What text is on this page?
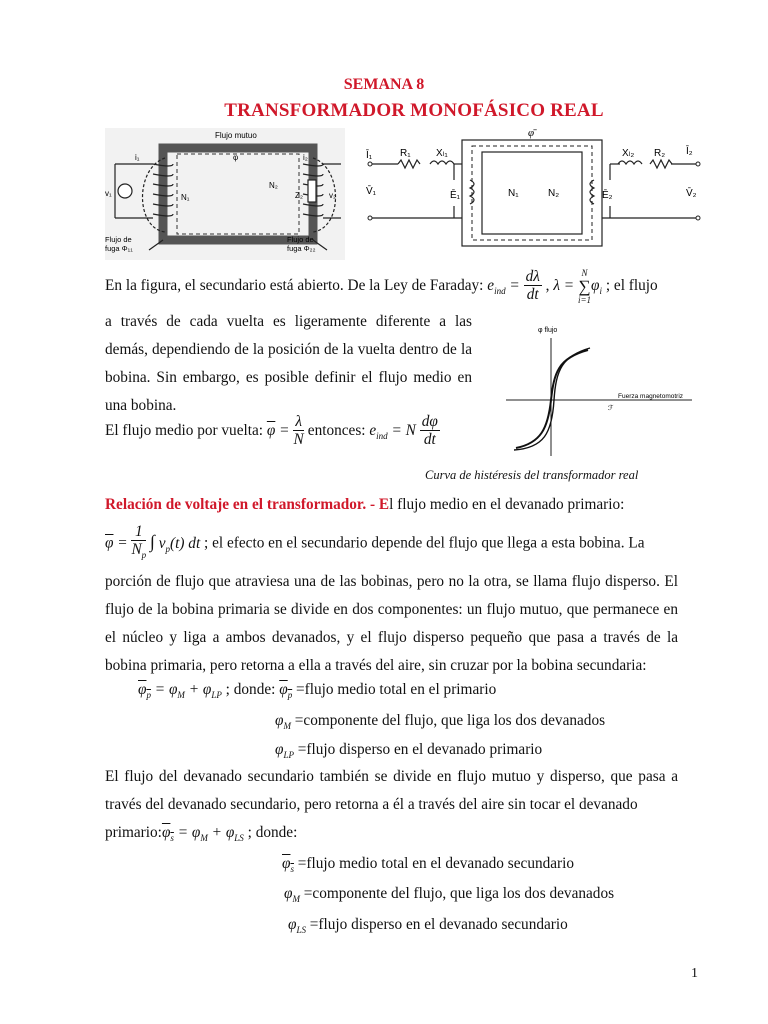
SEMANA 8
TRANSFORMADOR MONOFÁSICO REAL
Flujo mutuo
φ
i₁	i₂
N₁
N₂
v₁	Z₂	v₂
Flujo de
fuga Φ₁₁
Flujo de
fuga Φ₂₂
φ̄
Ī₁	R₁	Xₗ₁
V̄₁	Ē₁	N₁	N₂	Ē₂
Xₗ₂ R₂ Ī₂
V̄₂
En la figura, el secundario está abierto. De la Ley de Faraday: $e_{ind} = \frac{d\lambda}{dt}$ , λ =
N
∑
i=1
$\varphi_i$ ; el flujo
a través de cada vuelta es ligeramente diferente a las demás, dependiendo de la posición de la vuelta dentro de la bobina. Sin embargo, es posible definir el flujo medio en una bobina.
El flujo medio por vuelta: $\overline{\varphi} = \frac{\lambda}{N}$ entonces: $e_{ind} = N \frac{d\varphi}{dt}$
φ flujo
Fuerza magnetomotriz
ℱ
Curva de histéresis del transformador real
Relación de voltaje en el transformador. - El flujo medio en el devanado primario:
$\overline{\varphi} = \frac{1}{N_p}$ ∫ $v_p(t)$ dt ; el efecto en el secundario depende del flujo que llega a esta bobina. La
porción de flujo que atraviesa una de las bobinas, pero no la otra, se llama flujo disperso. El flujo de la bobina primaria se divide en dos componentes: un flujo mutuo, que permanece en el núcleo y liga a ambos devanados, y el flujo disperso pequeño que pasa a través de la bobina primaria, pero retorna a ella a través del aire, sin cruzar por la bobina secundaria:
$\varphi_p = \varphi_M + \varphi_{LP}$ ; donde: $\varphi_p$ =flujo medio total en el primario
$\varphi_M$ =componente del flujo, que liga los dos devanados
$\varphi_{LP}$ =flujo disperso en el devanado primario
El flujo del devanado secundario también se divide en flujo mutuo y disperso, que pasa a través del devanado secundario, pero retorna a él a través del aire sin tocar el devanado
$primario:\varphi_s = \varphi_M + \varphi_{LS}$ ; donde:
$\varphi_s$ =flujo medio total en el devanado secundario
$\varphi_M$ =componente del flujo, que liga los dos devanados
$\varphi_{LS}$ =flujo disperso en el devanado secundario
1
